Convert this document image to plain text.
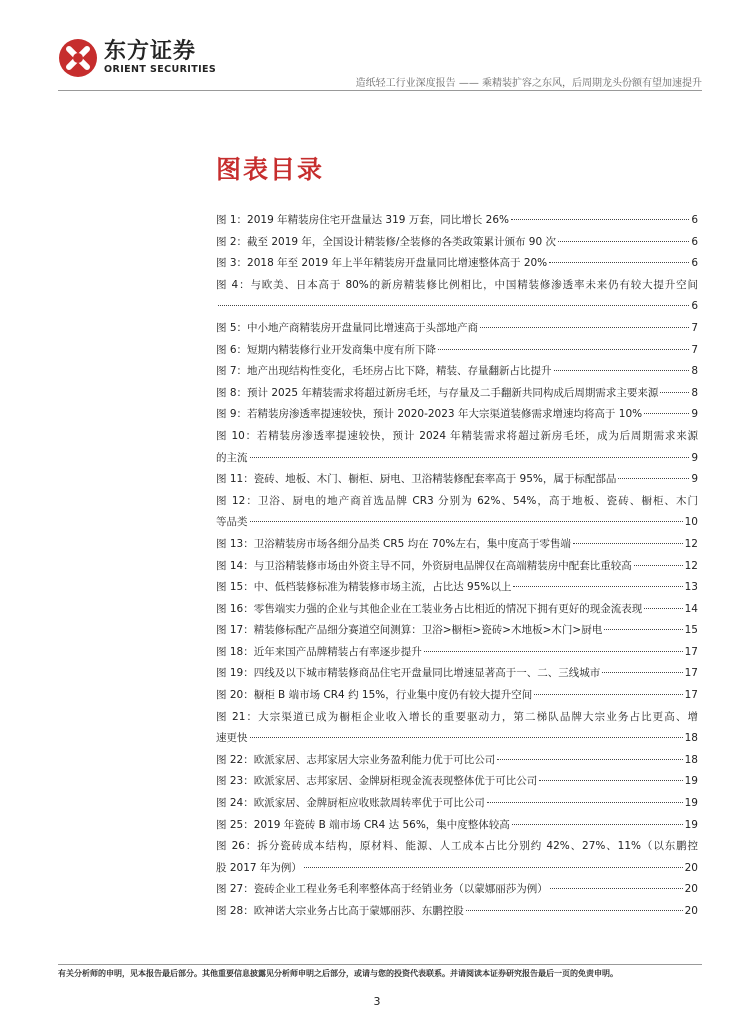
东方证券
ORIENT SECURITIES
造纸轻工行业深度报告 —— 乘精装扩容之东风，后周期龙头份额有望加速提升
图表目录
图 1：2019 年精装房住宅开盘量达 319 万套，同比增长 26%	6
图 2：截至 2019 年，全国设计精装修/全装修的各类政策累计颁布 90 次	6
图 3：2018 年至 2019 年上半年精装房开盘量同比增速整体高于 20%	6
图 4：与欧美、日本高于 80%的新房精装修比例相比，中国精装修渗透率未来仍有较大提升空间
6
图 5：中小地产商精装房开盘量同比增速高于头部地产商	7
图 6：短期内精装修行业开发商集中度有所下降	7
图 7：地产出现结构性变化，毛坯房占比下降，精装、存量翻新占比提升	8
图 8：预计 2025 年精装需求将超过新房毛坯，与存量及二手翻新共同构成后周期需求主要来源	8
图 9：若精装房渗透率提速较快，预计 2020-2023 年大宗渠道装修需求增速均将高于 10%	9
图 10：若精装房渗透率提速较快，预计 2024 年精装需求将超过新房毛坯，成为后周期需求来源
的主流	9
图 11：瓷砖、地板、木门、橱柜、厨电、卫浴精装修配套率高于 95%，属于标配部品	9
图 12：卫浴、厨电的地产商首选品牌 CR3 分别为 62%、54%，高于地板、瓷砖、橱柜、木门
等品类	10
图 13：卫浴精装房市场各细分品类 CR5 均在 70%左右，集中度高于零售端	12
图 14：与卫浴精装修市场由外资主导不同，外资厨电品牌仅在高端精装房中配套比重较高	12
图 15：中、低档装修标准为精装修市场主流，占比达 95%以上	13
图 16：零售端实力强的企业与其他企业在工装业务占比相近的情况下拥有更好的现金流表现	14
图 17：精装修标配产品细分赛道空间测算：卫浴>橱柜>瓷砖>木地板>木门>厨电	15
图 18：近年来国产品牌精装占有率逐步提升	17
图 19：四线及以下城市精装修商品住宅开盘量同比增速显著高于一、二、三线城市	17
图 20：橱柜 B 端市场 CR4 约 15%，行业集中度仍有较大提升空间	17
图 21：大宗渠道已成为橱柜企业收入增长的重要驱动力，第二梯队品牌大宗业务占比更高、增
速更快	18
图 22：欧派家居、志邦家居大宗业务盈利能力优于可比公司	18
图 23：欧派家居、志邦家居、金牌厨柜现金流表现整体优于可比公司	19
图 24：欧派家居、金牌厨柜应收账款周转率优于可比公司	19
图 25：2019 年瓷砖 B 端市场 CR4 达 56%，集中度整体较高	19
图 26：拆分瓷砖成本结构，原材料、能源、人工成本占比分别约 42%、27%、11%（以东鹏控
股 2017 年为例）	20
图 27：瓷砖企业工程业务毛利率整体高于经销业务（以蒙娜丽莎为例）	20
图 28：欧神诺大宗业务占比高于蒙娜丽莎、东鹏控股	20
有关分析师的申明，见本报告最后部分。其他重要信息披露见分析师申明之后部分，或请与您的投资代表联系。并请阅读本证券研究报告最后一页的免责申明。
3
